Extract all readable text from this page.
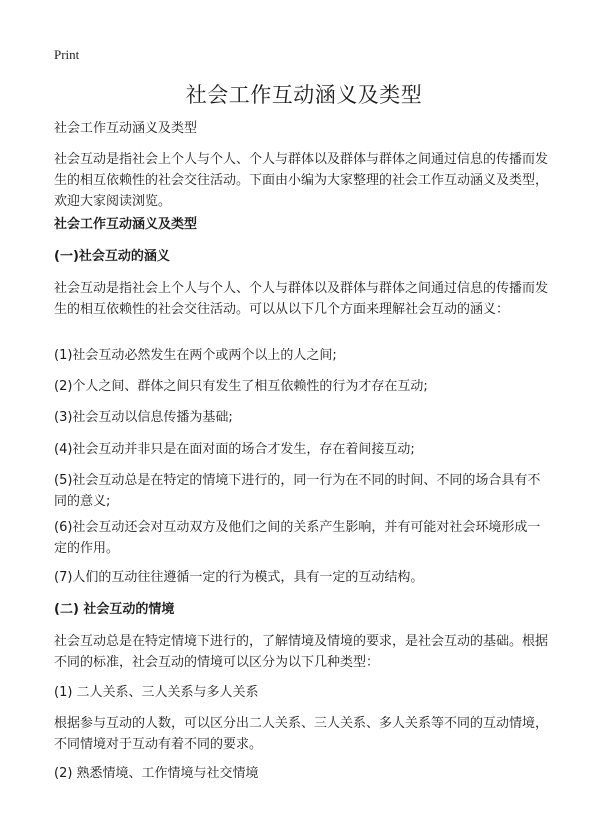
Print
社会工作互动涵义及类型

社会工作互动涵义及类型

社会互动是指社会上个人与个人、个人与群体以及群体与群体之间通过信息的传播而发生的相互依赖性的社会交往活动。下面由小编为大家整理的社会工作互动涵义及类型，欢迎大家阅读浏览。

社会工作互动涵义及类型

(一)社会互动的涵义

社会互动是指社会上个人与个人、个人与群体以及群体与群体之间通过信息的传播而发生的相互依赖性的社会交往活动。可以从以下几个方面来理解社会互动的涵义：

(1)社会互动必然发生在两个或两个以上的人之间;

(2)个人之间、群体之间只有发生了相互依赖性的行为才存在互动;

(3)社会互动以信息传播为基础;

(4)社会互动并非只是在面对面的场合才发生，存在着间接互动;

(5)社会互动总是在特定的情境下进行的，同一行为在不同的时间、不同的场合具有不同的意义;

(6)社会互动还会对互动双方及他们之间的关系产生影响，并有可能对社会环境形成一定的作用。

(7)人们的互动往往遵循一定的行为模式，具有一定的互动结构。

(二) 社会互动的情境

社会互动总是在特定情境下进行的，了解情境及情境的要求，是社会互动的基础。根据不同的标准，社会互动的情境可以区分为以下几种类型：

(1) 二人关系、三人关系与多人关系

根据参与互动的人数，可以区分出二人关系、三人关系、多人关系等不同的互动情境，不同情境对于互动有着不同的要求。

(2) 熟悉情境、工作情境与社交情境
